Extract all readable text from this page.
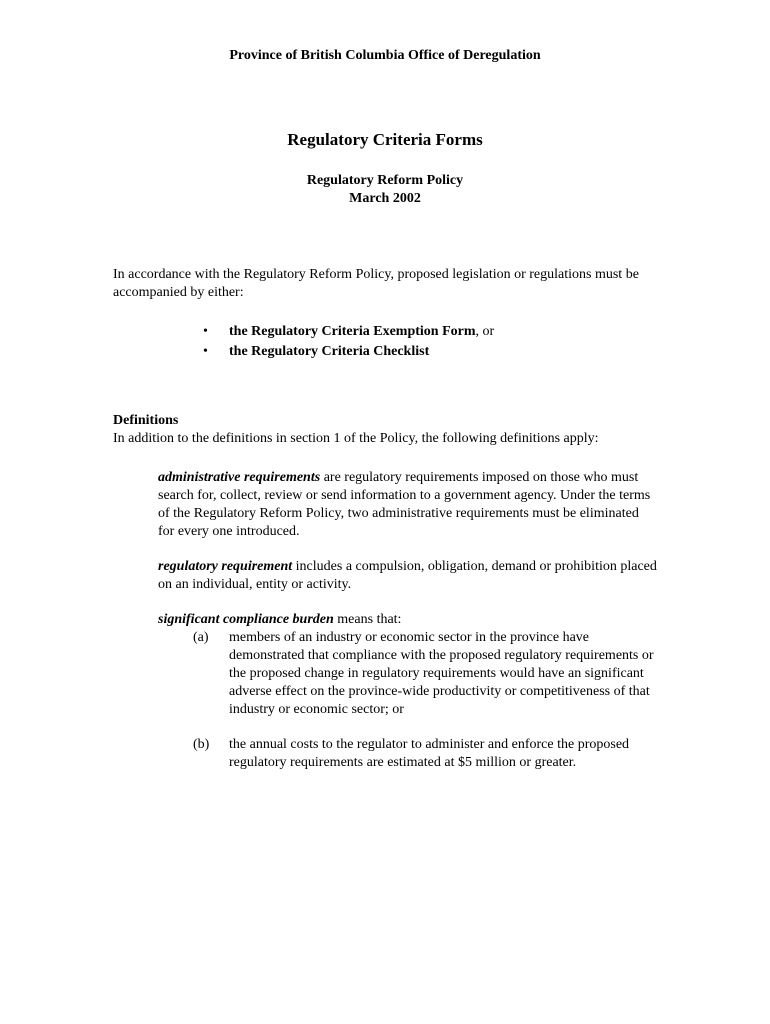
Province of British Columbia Office of Deregulation
Regulatory Criteria Forms
Regulatory Reform Policy
March 2002
In accordance with the Regulatory Reform Policy, proposed legislation or regulations must be accompanied by either:
• the Regulatory Criteria Exemption Form, or
• the Regulatory Criteria Checklist
Definitions
In addition to the definitions in section 1 of the Policy, the following definitions apply:
administrative requirements are regulatory requirements imposed on those who must search for, collect, review or send information to a government agency. Under the terms of the Regulatory Reform Policy, two administrative requirements must be eliminated for every one introduced.
regulatory requirement includes a compulsion, obligation, demand or prohibition placed on an individual, entity or activity.
significant compliance burden means that:
(a) members of an industry or economic sector in the province have demonstrated that compliance with the proposed regulatory requirements or the proposed change in regulatory requirements would have an significant adverse effect on the province-wide productivity or competitiveness of that industry or economic sector; or
(b) the annual costs to the regulator to administer and enforce the proposed regulatory requirements are estimated at $5 million or greater.
